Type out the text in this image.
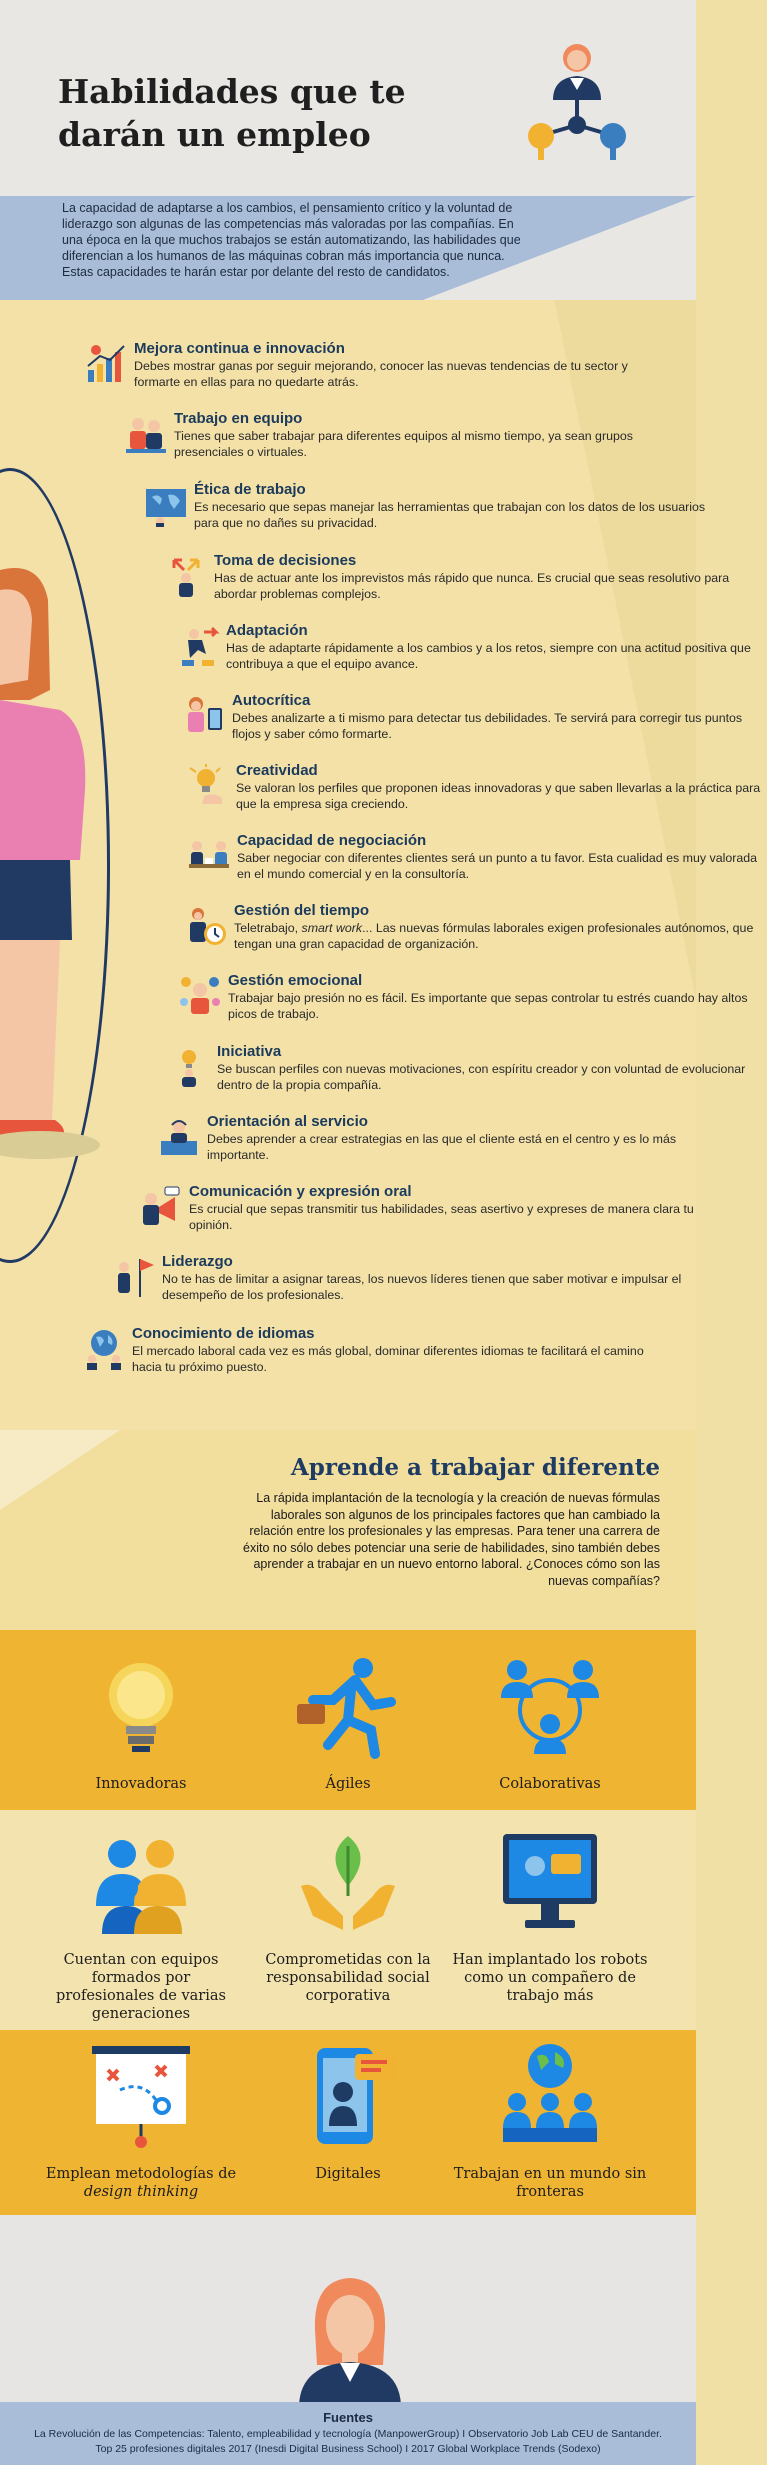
Habilidades que te darán un empleo
La capacidad de adaptarse a los cambios, el pensamiento crítico y la voluntad de liderazgo son algunas de las competencias más valoradas por las compañías. En una época en la que muchos trabajos se están automatizando, las habilidades que diferencian a los humanos de las máquinas cobran más importancia que nunca. Estas capacidades te harán estar por delante del resto de candidatos.
Mejora continua e innovación
Debes mostrar ganas por seguir mejorando, conocer las nuevas tendencias de tu sector y formarte en ellas para no quedarte atrás.
Trabajo en equipo
Tienes que saber trabajar para diferentes equipos al mismo tiempo, ya sean grupos presenciales o virtuales.
Ética de trabajo
Es necesario que sepas manejar las herramientas que trabajan con los datos de los usuarios para que no dañes su privacidad.
Toma de decisiones
Has de actuar ante los imprevistos más rápido que nunca. Es crucial que seas resolutivo para abordar problemas complejos.
Adaptación
Has de adaptarte rápidamente a los cambios y a los retos, siempre con una actitud positiva que contribuya a que el equipo avance.
Autocrítica
Debes analizarte a ti mismo para detectar tus debilidades. Te servirá para corregir tus puntos flojos y saber cómo formarte.
Creatividad
Se valoran los perfiles que proponen ideas innovadoras y que saben llevarlas a la práctica para que la empresa siga creciendo.
Capacidad de negociación
Saber negociar con diferentes clientes será un punto a tu favor. Esta cualidad es muy valorada en el mundo comercial y en la consultoría.
Gestión del tiempo
Teletrabajo, smart work... Las nuevas fórmulas laborales exigen profesionales autónomos, que tengan una gran capacidad de organización.
Gestión emocional
Trabajar bajo presión no es fácil. Es importante que sepas controlar tu estrés cuando hay altos picos de trabajo.
Iniciativa
Se buscan perfiles con nuevas motivaciones, con espíritu creador y con voluntad de evolucionar dentro de la propia compañía.
Orientación al servicio
Debes aprender a crear estrategias en las que el cliente está en el centro y es lo más importante.
Comunicación y expresión oral
Es crucial que sepas transmitir tus habilidades, seas asertivo y expreses de manera clara tu opinión.
Liderazgo
No te has de limitar a asignar tareas, los nuevos líderes tienen que saber motivar e impulsar el desempeño de los profesionales.
Conocimiento de idiomas
El mercado laboral cada vez es más global, dominar diferentes idiomas te facilitará el camino hacia tu próximo puesto.
Aprende a trabajar diferente
La rápida implantación de la tecnología y la creación de nuevas fórmulas laborales son algunos de los principales factores que han cambiado la relación entre los profesionales y las empresas. Para tener una carrera de éxito no sólo debes potenciar una serie de habilidades, sino también debes aprender a trabajar en un nuevo entorno laboral. ¿Conoces cómo son las nuevas compañías?
Innovadoras	Ágiles	Colaborativas
Cuentan con equipos formados por profesionales de varias generaciones
Comprometidas con la responsabilidad social corporativa
Han implantado los robots como un compañero de trabajo más
Emplean metodologías de design thinking
Digitales	Trabajan en un mundo sin fronteras
Fuentes
La Revolución de las Competencias: Talento, empleabilidad y tecnología (ManpowerGroup) I Observatorio Job Lab CEU de Santander.
Top 25 profesiones digitales 2017 (Inesdi Digital Business School) I 2017 Global Workplace Trends (Sodexo)
